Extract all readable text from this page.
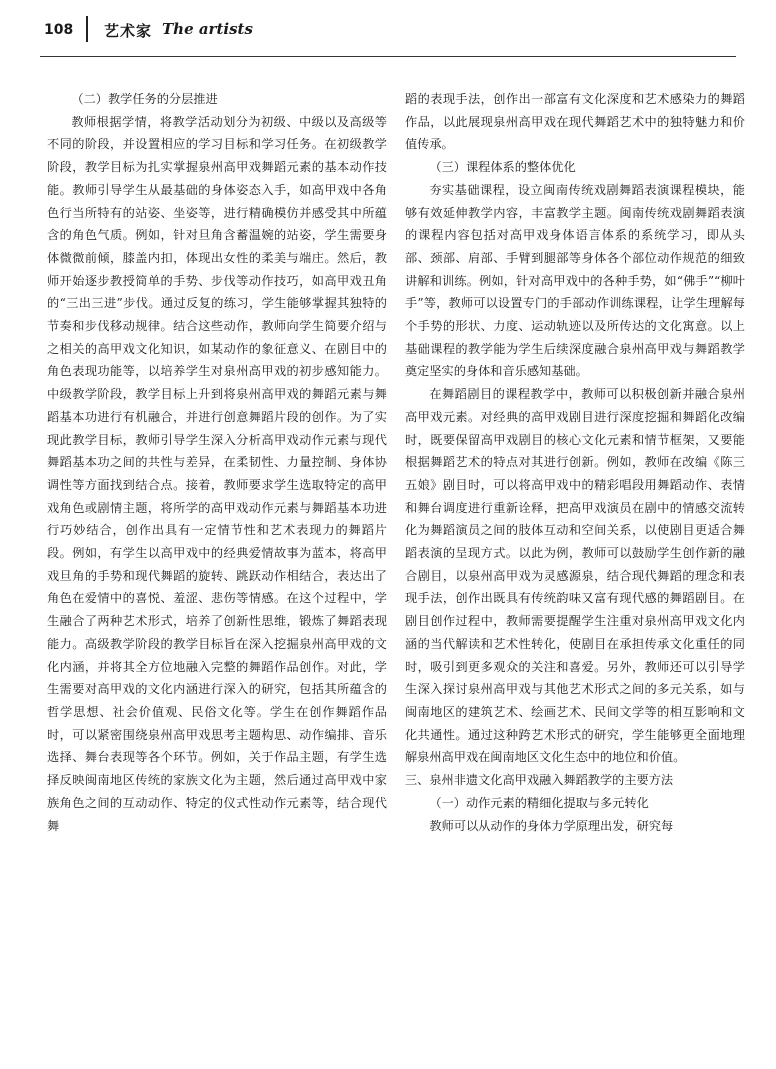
108 艺术家 The artists
（二）教学任务的分层推进

教师根据学情，将教学活动划分为初级、中级以及高级等不同的阶段，并设置相应的学习目标和学习任务。在初级教学阶段，教学目标为扎实掌握泉州高甲戏舞蹈元素的基本动作技能。教师引导学生从最基础的身体姿态入手，如高甲戏中各角色行当所特有的站姿、坐姿等，进行精确模仿并感受其中所蕴含的角色气质。例如，针对旦角含蓄温婉的站姿，学生需要身体微微前倾，膝盖内扣，体现出女性的柔美与端庄。然后，教师开始逐步教授简单的手势、步伐等动作技巧，如高甲戏丑角的“三出三进”步伐。通过反复的练习，学生能够掌握其独特的节奏和步伐移动规律。结合这些动作，教师向学生简要介绍与之相关的高甲戏文化知识，如某动作的象征意义、在剧目中的角色表现功能等，以培养学生对泉州高甲戏的初步感知能力。中级教学阶段，教学目标上升到将泉州高甲戏的舞蹈元素与舞蹈基本功进行有机融合，并进行创意舞蹈片段的创作。为了实现此教学目标，教师引导学生深入分析高甲戏动作元素与现代舞蹈基本功之间的共性与差异，在柔韧性、力量控制、身体协调性等方面找到结合点。接着，教师要求学生选取特定的高甲戏角色或剧情主题，将所学的高甲戏动作元素与舞蹈基本功进行巧妙结合，创作出具有一定情节性和艺术表现力的舞蹈片段。例如，有学生以高甲戏中的经典爱情故事为蓝本，将高甲戏旦角的手势和现代舞蹈的旋转、跳跃动作相结合，表达出了角色在爱情中的喜悦、羞涩、悲伤等情感。在这个过程中，学生融合了两种艺术形式，培养了创新性思维，锻炼了舞蹈表现能力。高级教学阶段的教学目标旨在深入挖掘泉州高甲戏的文化内涵，并将其全方位地融入完整的舞蹈作品创作。对此，学生需要对高甲戏的文化内涵进行深入的研究，包括其所蕴含的哲学思想、社会价值观、民俗文化等。学生在创作舞蹈作品时，可以紧密围绕泉州高甲戏思考主题构思、动作编排、音乐选择、舞台表现等各个环节。例如，关于作品主题，有学生选择反映闽南地区传统的家族文化为主题，然后通过高甲戏中家族角色之间的互动动作、特定的仪式性动作元素等，结合现代舞

蹈的表现手法，创作出一部富有文化深度和艺术感染力的舞蹈作品，以此展现泉州高甲戏在现代舞蹈艺术中的独特魅力和价值传承。

（三）课程体系的整体优化

夯实基础课程，设立闽南传统戏剧舞蹈表演课程模块，能够有效延伸教学内容，丰富教学主题。闽南传统戏剧舞蹈表演的课程内容包括对高甲戏身体语言体系的系统学习，即从头部、颈部、肩部、手臂到腿部等身体各个部位动作规范的细致讲解和训练。例如，针对高甲戏中的各种手势，如“佛手”“柳叶手”等，教师可以设置专门的手部动作训练课程，让学生理解每个手势的形状、力度、运动轨迹以及所传达的文化寓意。以上基础课程的教学能为学生后续深度融合泉州高甲戏与舞蹈教学奠定坚实的身体和音乐感知基础。

在舞蹈剧目的课程教学中，教师可以积极创新并融合泉州高甲戏元素。对经典的高甲戏剧目进行深度挖掘和舞蹈化改编时，既要保留高甲戏剧目的核心文化元素和情节框架，又要能根据舞蹈艺术的特点对其进行创新。例如，教师在改编《陈三五娘》剧目时，可以将高甲戏中的精彩唱段用舞蹈动作、表情和舞台调度进行重新诠释，把高甲戏演员在剧中的情感交流转化为舞蹈演员之间的肢体互动和空间关系，以使剧目更适合舞蹈表演的呈现方式。以此为例，教师可以鼓励学生创作新的融合剧目，以泉州高甲戏为灵感源泉，结合现代舞蹈的理念和表现手法，创作出既具有传统韵味又富有现代感的舞蹈剧目。在剧目创作过程中，教师需要提醒学生注重对泉州高甲戏文化内涵的当代解读和艺术性转化，使剧目在承担传承文化重任的同时，吸引到更多观众的关注和喜爱。另外，教师还可以引导学生深入探讨泉州高甲戏与其他艺术形式之间的多元关系，如与闽南地区的建筑艺术、绘画艺术、民间文学等的相互影响和文化共通性。通过这种跨艺术形式的研究，学生能够更全面地理解泉州高甲戏在闽南地区文化生态中的地位和价值。

三、泉州非遗文化高甲戏融入舞蹈教学的主要方法
（一）动作元素的精细化提取与多元转化

教师可以从动作的身体力学原理出发，研究每
